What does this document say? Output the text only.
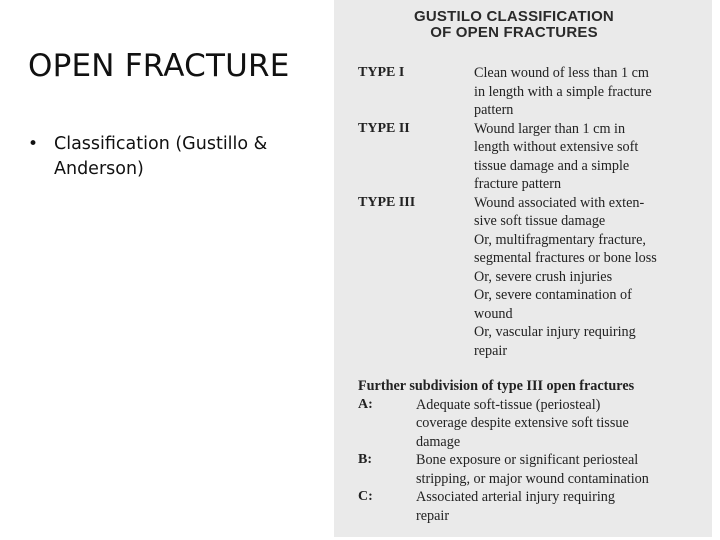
OPEN FRACTURE
• Classification (Gustillo & Anderson)
GUSTILO CLASSIFICATION
OF OPEN FRACTURES
TYPE I	Clean wound of less than 1 cm
in length with a simple fracture
pattern
TYPE II	Wound larger than 1 cm in
length without extensive soft
tissue damage and a simple
fracture pattern
TYPE III	Wound associated with exten-
sive soft tissue damage
Or, multifragmentary fracture,
segmental fractures or bone loss
Or, severe crush injuries
Or, severe contamination of
wound
Or, vascular injury requiring
repair
Further subdivision of type III open fractures
A:	Adequate soft-tissue (periosteal)
coverage despite extensive soft tissue
damage
B:	Bone exposure or significant periosteal
stripping, or major wound contamination
C:	Associated arterial injury requiring
repair
